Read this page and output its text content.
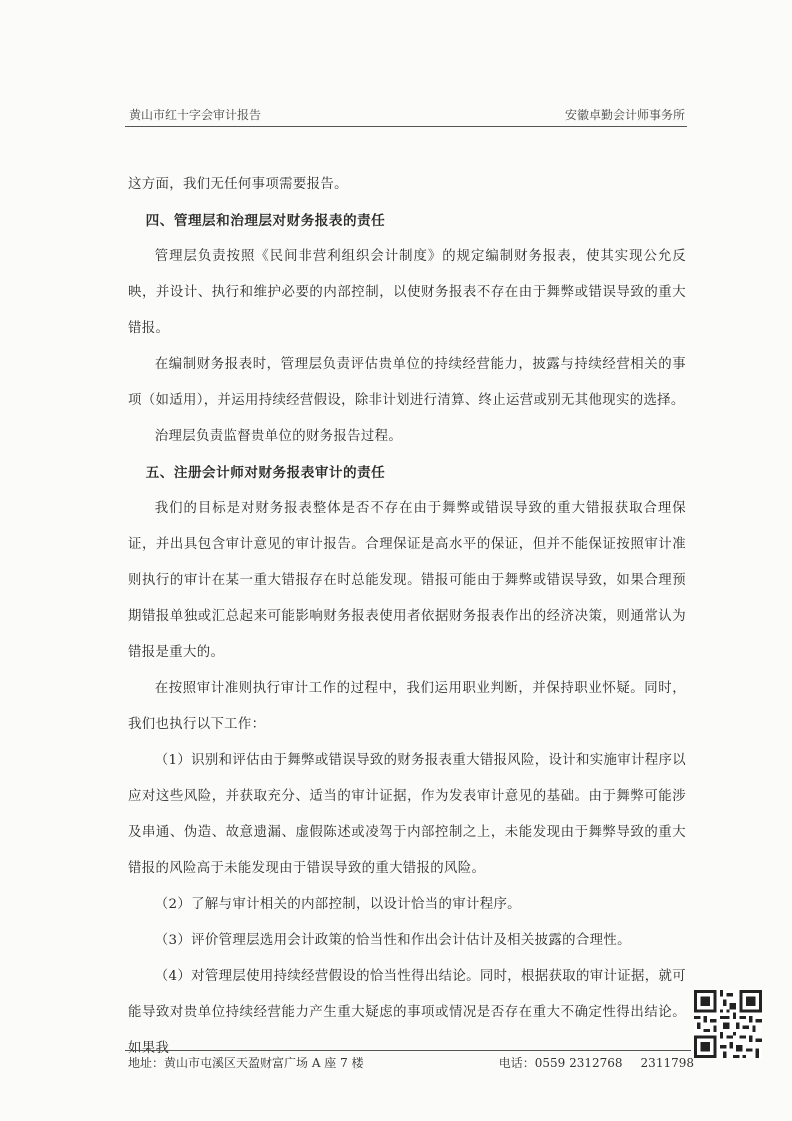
黄山市红十字会审计报告	安徽卓勤会计师事务所

这方面，我们无任何事项需要报告。

四、管理层和治理层对财务报表的责任

管理层负责按照《民间非营利组织会计制度》的规定编制财务报表，使其实现公允反映，并设计、执行和维护必要的内部控制，以使财务报表不存在由于舞弊或错误导致的重大错报。

在编制财务报表时，管理层负责评估贵单位的持续经营能力，披露与持续经营相关的事项（如适用），并运用持续经营假设，除非计划进行清算、终止运营或别无其他现实的选择。

治理层负责监督贵单位的财务报告过程。

五、注册会计师对财务报表审计的责任

我们的目标是对财务报表整体是否不存在由于舞弊或错误导致的重大错报获取合理保证，并出具包含审计意见的审计报告。合理保证是高水平的保证，但并不能保证按照审计准则执行的审计在某一重大错报存在时总能发现。错报可能由于舞弊或错误导致，如果合理预期错报单独或汇总起来可能影响财务报表使用者依据财务报表作出的经济决策，则通常认为错报是重大的。

在按照审计准则执行审计工作的过程中，我们运用职业判断，并保持职业怀疑。同时，我们也执行以下工作：

（1）识别和评估由于舞弊或错误导致的财务报表重大错报风险，设计和实施审计程序以应对这些风险，并获取充分、适当的审计证据，作为发表审计意见的基础。由于舞弊可能涉及串通、伪造、故意遗漏、虚假陈述或凌驾于内部控制之上，未能发现由于舞弊导致的重大错报的风险高于未能发现由于错误导致的重大错报的风险。

（2）了解与审计相关的内部控制，以设计恰当的审计程序。

（3）评价管理层选用会计政策的恰当性和作出会计估计及相关披露的合理性。

（4）对管理层使用持续经营假设的恰当性得出结论。同时，根据获取的审计证据，就可能导致对贵单位持续经营能力产生重大疑虑的事项或情况是否存在重大不确定性得出结论。如果我

地址：黄山市屯溪区天盈财富广场 A 座 7 楼	电话：0559 2312768 2311798
